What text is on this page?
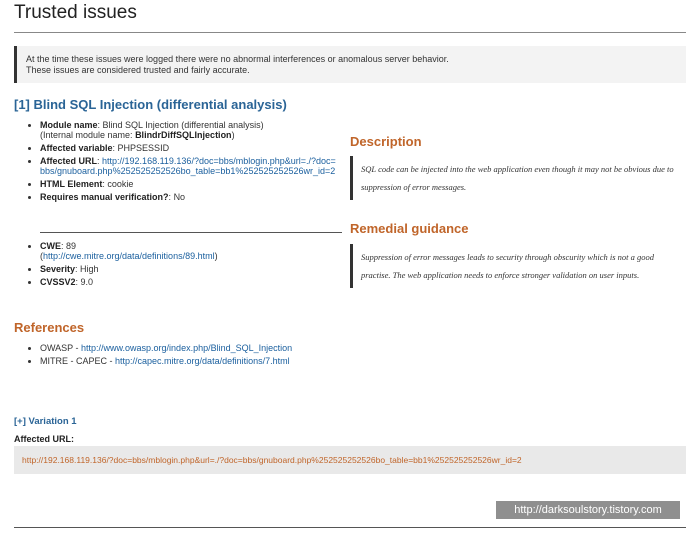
Trusted issues
At the time these issues were logged there were no abnormal interferences or anomalous server behavior.
These issues are considered trusted and fairly accurate.
[1] Blind SQL Injection (differential analysis)
• Module name: Blind SQL Injection (differential analysis)
(Internal module name: BlindrDiffSQLInjection)
• Affected variable: PHPSESSID
• Affected URL: http://192.168.119.136/?doc=bbs/mblogin.php&url=./?doc=bbs/gnuboard.php%252525252526bo_table=bb1%252525252526wr_id=2
• HTML Element: cookie
• Requires manual verification?: No
• CWE: 89
(http://cwe.mitre.org/data/definitions/89.html)
• Severity: High
• CVSSV2: 9.0
Description
SQL code can be injected into the web application even though it may not be obvious due to suppression of error messages.
Remedial guidance
Suppression of error messages leads to security through obscurity which is not a good practise. The web application needs to enforce stronger validation on user inputs.
References
• OWASP - http://www.owasp.org/index.php/Blind_SQL_Injection
• MITRE - CAPEC - http://capec.mitre.org/data/definitions/7.html
[+] Variation 1
Affected URL:
http://192.168.119.136/?doc=bbs/mblogin.php&url=./?doc=bbs/gnuboard.php%252525252526bo_table=bb1%252525252526wr_id=2
http://darksoulstory.tistory.com
